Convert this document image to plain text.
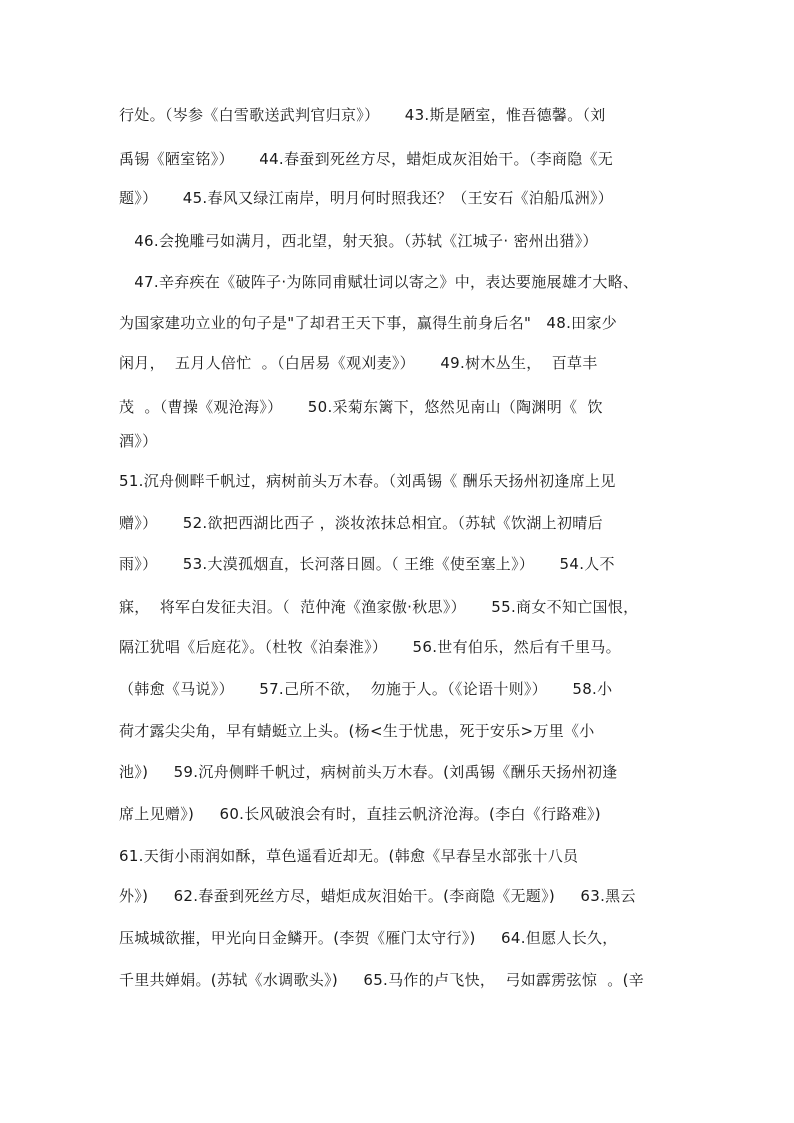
行处。（岑参《白雪歌送武判官归京》）     43.斯是陋室，惟吾德馨。（刘

禹锡《陋室铭》）     44.春蚕到死丝方尽，蜡炬成灰泪始干。（李商隐《无

题》）     45.春风又绿江南岸，明月何时照我还？（王安石《泊船瓜洲》）

46.会挽雕弓如满月，西北望，射天狼。（苏轼《江城子· 密州出猎》）

47.辛弃疾在《破阵子·为陈同甫赋壮词以寄之》中，表达要施展雄才大略、

为国家建功立业的句子是"了却君王天下事，赢得生前身后名"   48.田家少

闲月，  五月人倍忙  。（白居易《观刈麦》）     49.树木丛生，  百草丰

茂  。（曹操《观沧海》）     50.采菊东篱下，悠然见南山（陶渊明《  饮

酒》）

51.沉舟侧畔千帆过，病树前头万木春。（刘禹锡《 酬乐天扬州初逢席上见

赠》）     52.欲把西湖比西子 ，淡妆浓抹总相宜。（苏轼《饮湖上初晴后

雨》）     53.大漠孤烟直，长河落日圆。（ 王维《使至塞上》）     54.人不

寐，  将军白发征夫泪。（  范仲淹《渔家傲·秋思》）     55.商女不知亡国恨，

隔江犹唱《后庭花》。（杜牧《泊秦淮》）     56.世有伯乐，然后有千里马。

（韩愈《马说》）     57.己所不欲，  勿施于人。（《论语十则》）     58.小

荷才露尖尖角，早有蜻蜓立上头。(杨<生于忧患，死于安乐>万里《小

池》)     59.沉舟侧畔千帆过，病树前头万木春。(刘禹锡《酬乐天扬州初逢

席上见赠》)     60.长风破浪会有时，直挂云帆济沧海。(李白《行路难》)

61.天街小雨润如酥，草色遥看近却无。(韩愈《早春呈水部张十八员

外》)     62.春蚕到死丝方尽，蜡炬成灰泪始干。(李商隐《无题》)     63.黑云

压城城欲摧，甲光向日金鳞开。(李贺《雁门太守行》)     64.但愿人长久，

千里共婵娟。(苏轼《水调歌头》)     65.马作的卢飞快，  弓如霹雳弦惊  。(辛
